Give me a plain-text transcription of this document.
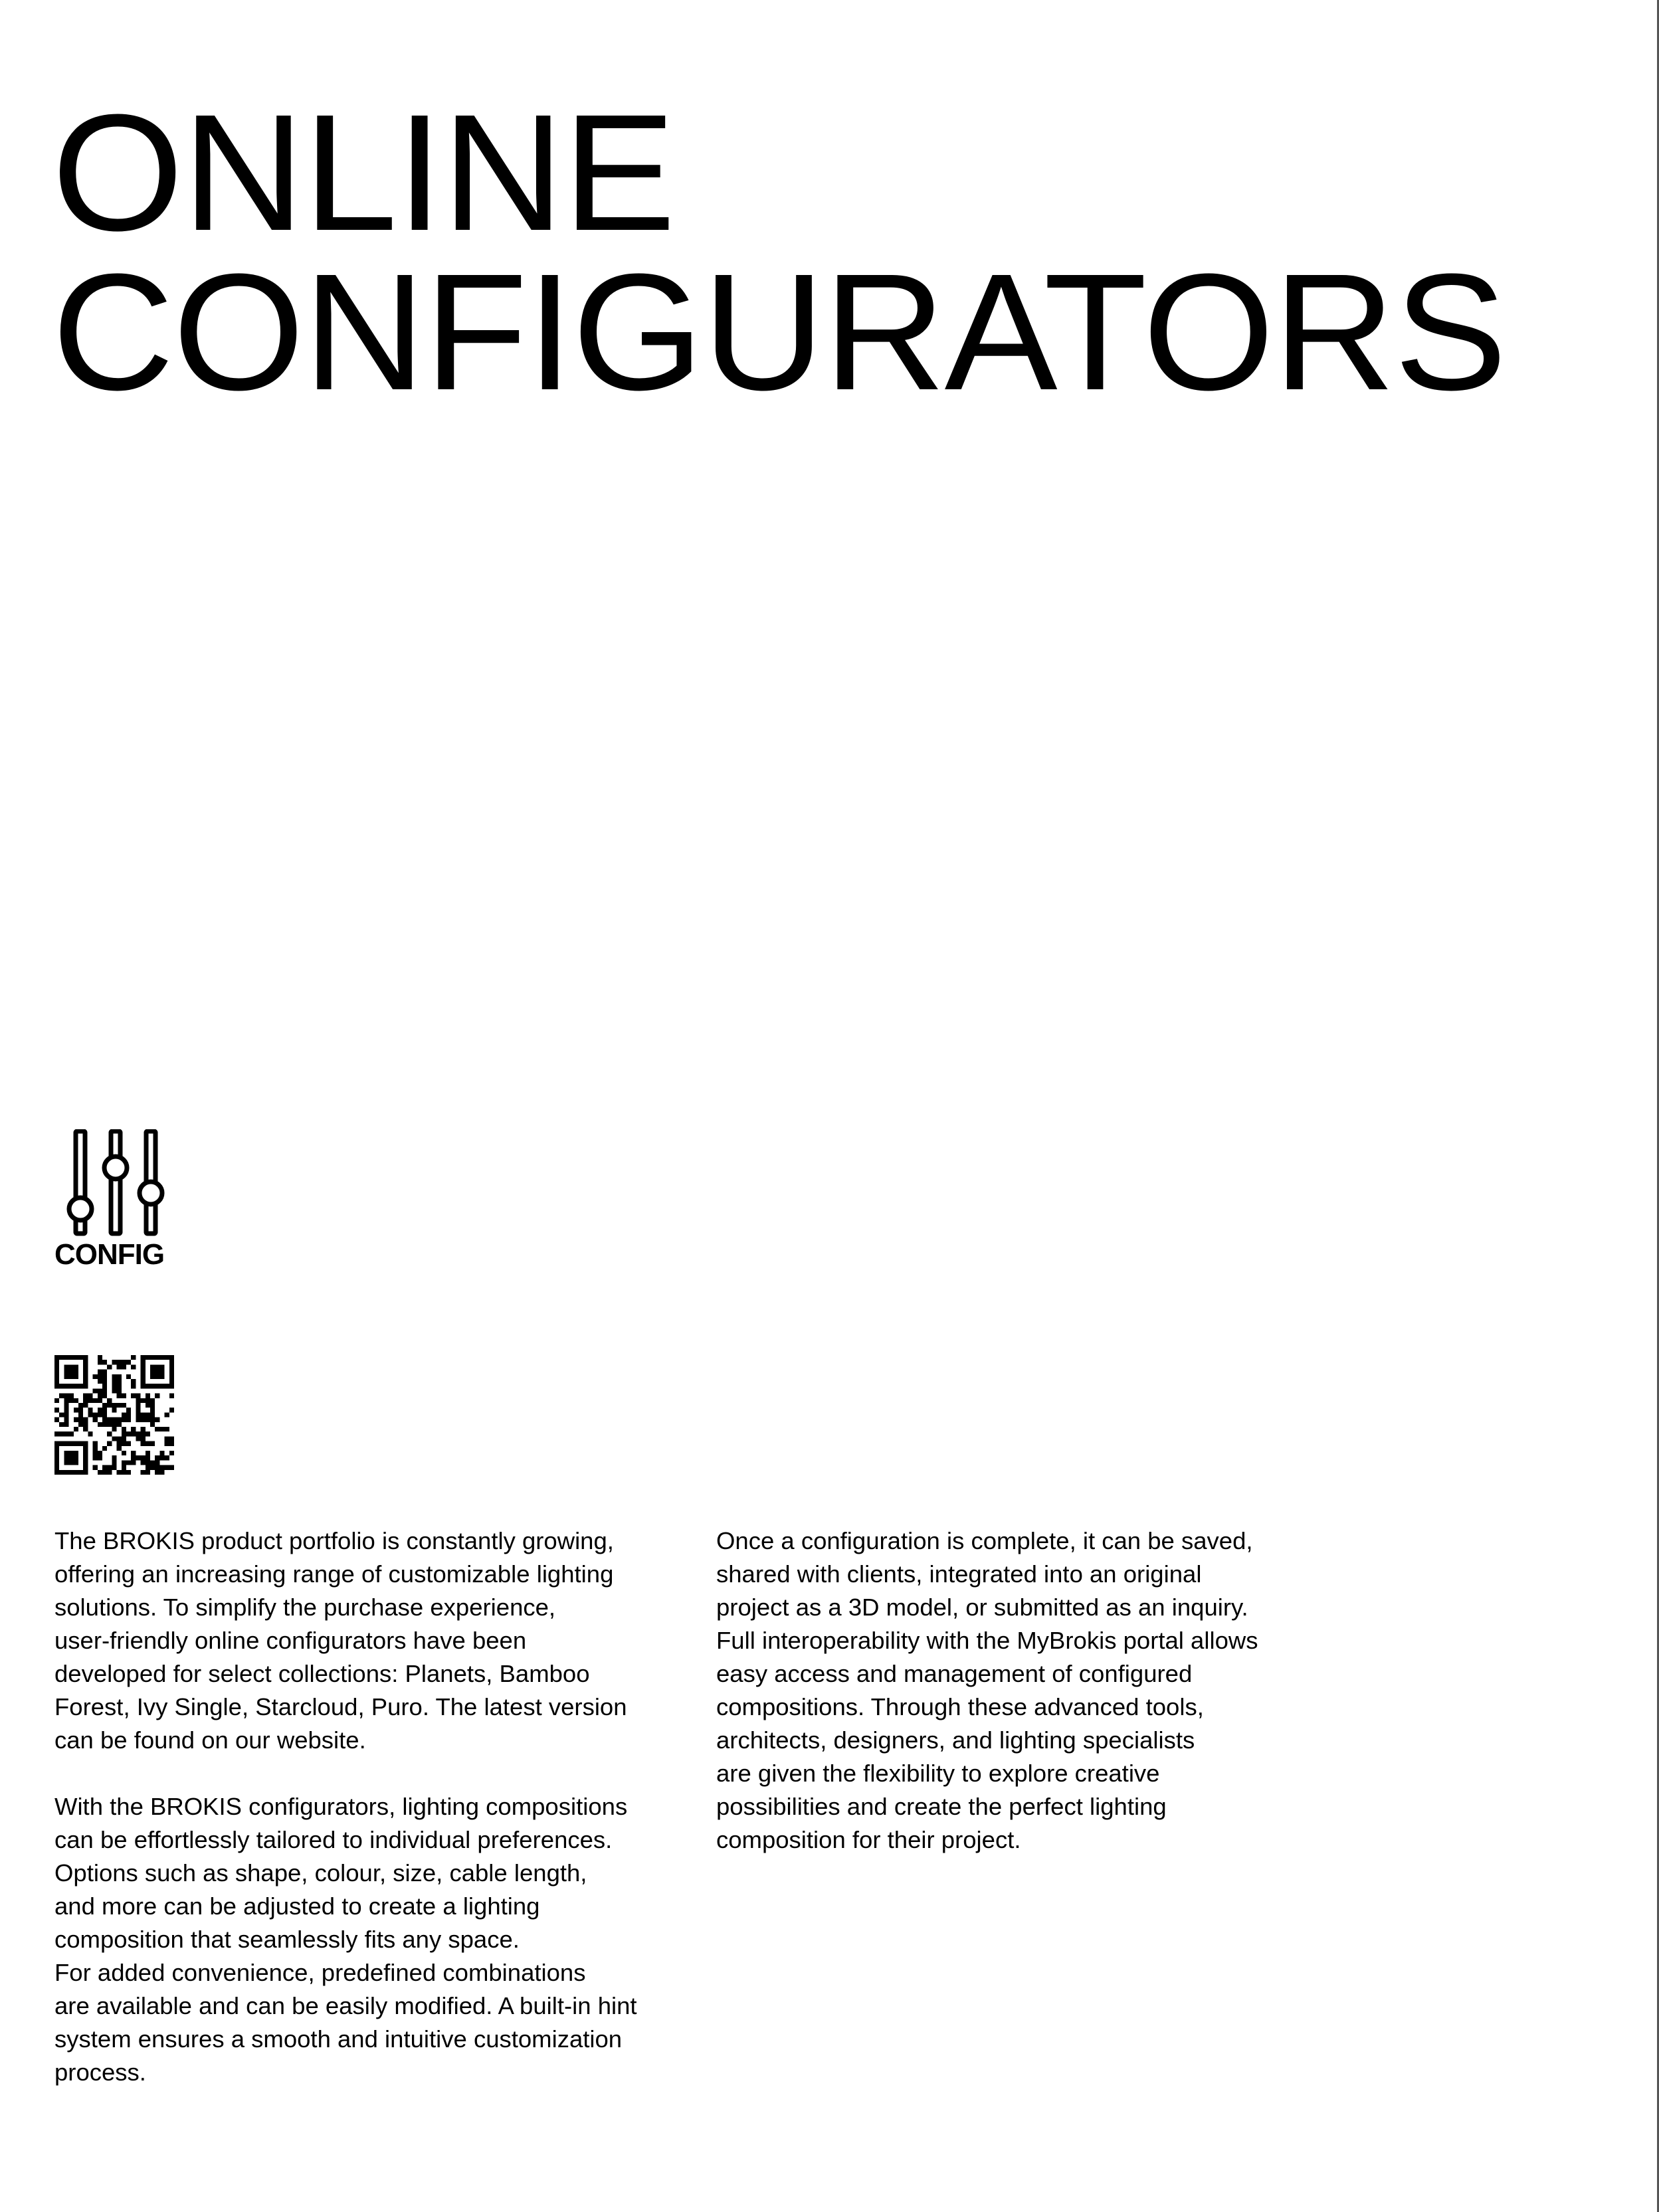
ONLINE
CONFIGURATORS
CONFIG

The BROKIS product portfolio is constantly growing,
offering an increasing range of customizable lighting
solutions. To simplify the purchase experience,
user-friendly online configurators have been
developed for select collections: Planets, Bamboo
Forest, Ivy Single, Starcloud, Puro. The latest version
can be found on our website.

With the BROKIS configurators, lighting compositions
can be effortlessly tailored to individual preferences.
Options such as shape, colour, size, cable length,
and more can be adjusted to create a lighting
composition that seamlessly fits any space.
For added convenience, predefined combinations
are available and can be easily modified. A built-in hint
system ensures a smooth and intuitive customization
process.

Once a configuration is complete, it can be saved,
shared with clients, integrated into an original
project as a 3D model, or submitted as an inquiry.
Full interoperability with the MyBrokis portal allows
easy access and management of configured
compositions. Through these advanced tools,
architects, designers, and lighting specialists
are given the flexibility to explore creative
possibilities and create the perfect lighting
composition for their project.
